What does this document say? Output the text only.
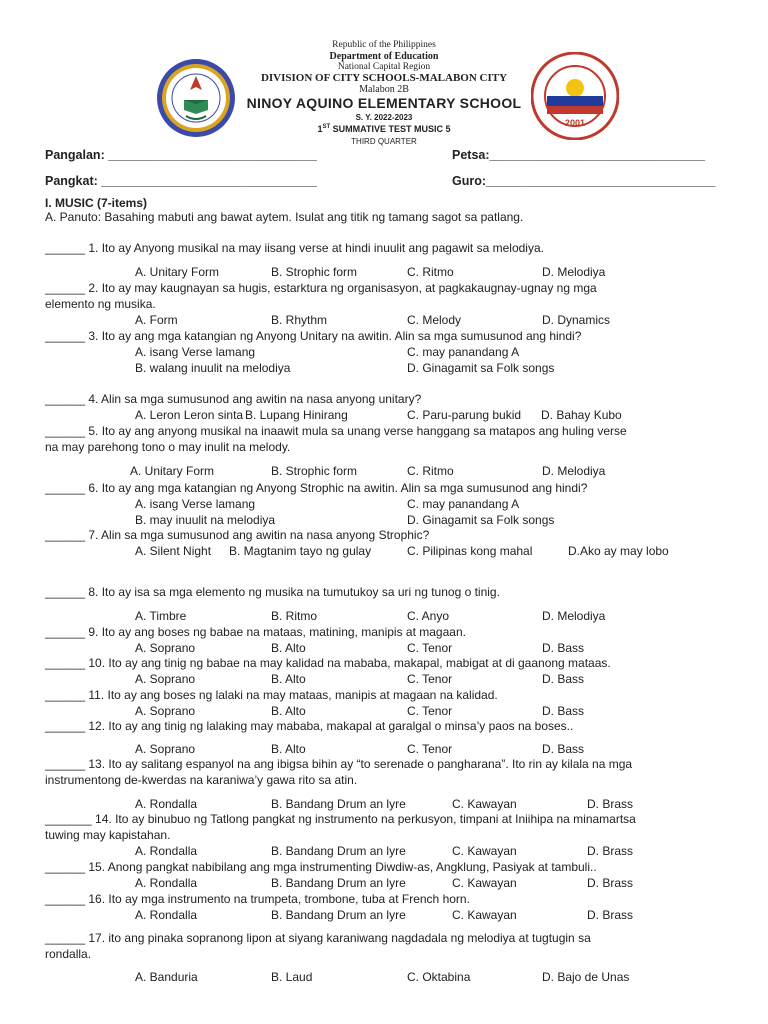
2001
Republic of the Philippines
Department of Education
National Capital Region
DIVISION OF CITY SCHOOLS-MALABON CITY
Malabon 2B
NINOY AQUINO ELEMENTARY SCHOOL
S. Y. 2022-2023
1ST SUMMATIVE TEST MUSIC 5
THIRD QUARTER
Pangalan: ______________________________	Petsa:_______________________________
Pangkat: _______________________________	Guro:_________________________________
I. MUSIC (7-items)
A. Panuto: Basahing mabuti ang bawat aytem. Isulat ang titik ng tamang sagot sa patlang.
______ 1. Ito ay Anyong musikal na may iisang verse at hindi inuulit ang pagawit sa melodiya.
A. Unitary Form	B. Strophic form	C. Ritmo	D. Melodiya
______ 2. Ito ay may kaugnayan sa hugis, estarktura ng organisasyon, at pagkakaugnay-ugnay ng mga
elemento ng musika.
A. Form	B. Rhythm	C. Melody	D. Dynamics
______ 3. Ito ay ang mga katangian ng Anyong Unitary na awitin. Alin sa mga sumusunod ang hindi?
A. isang Verse lamang	C. may panandang A
B. walang inuulit na melodiya	D. Ginagamit sa Folk songs
______ 4. Alin sa mga sumusunod ang awitin na nasa anyong unitary?
A. Leron Leron sinta B. Lupang Hinirang	C. Paru-parung bukid D. Bahay Kubo
______ 5. Ito ay ang anyong musikal na inaawit mula sa unang verse hanggang sa matapos ang huling verse
na may parehong tono o may inulit na melody.
A. Unitary Form	B. Strophic form	C. Ritmo	D. Melodiya
______ 6. Ito ay ang mga katangian ng Anyong Strophic na awitin. Alin sa mga sumusunod ang hindi?
A. isang Verse lamang	C. may panandang A
B. may inuulit na melodiya	D. Ginagamit sa Folk songs
______ 7. Alin sa mga sumusunod ang awitin na nasa anyong Strophic?
A. Silent Night B. Magtanim tayo ng gulay	C. Pilipinas kong mahal	D.Ako ay may lobo
______ 8. Ito ay isa sa mga elemento ng musika na tumutukoy sa uri ng tunog o tinig.
A. Timbre	B. Ritmo	C. Anyo	D. Melodiya
______ 9. Ito ay ang boses ng babae na mataas, matining, manipis at magaan.
A. Soprano	B. Alto	C. Tenor	D. Bass
______ 10. Ito ay ang tinig ng babae na may kalidad na mababa, makapal, mabigat at di gaanong mataas.
A. Soprano	B. Alto	C. Tenor	D. Bass
______ 11. Ito ay ang boses ng lalaki na may mataas, manipis at magaan na kalidad.
A. Soprano	B. Alto	C. Tenor	D. Bass
______ 12. Ito ay ang tinig ng lalaking may mababa, makapal at garalgal o minsa’y paos na boses..
A. Soprano	B. Alto	C. Tenor	D. Bass
______ 13. Ito ay salitang espanyol na ang ibigsa bihin ay “to serenade o pangharana”. Ito rin ay kilala na mga
instrumentong de-kwerdas na karaniwa’y gawa rito sa atin.
A. Rondalla	B. Bandang Drum an lyre	C. Kawayan	D. Brass
_______ 14. Ito ay binubuo ng Tatlong pangkat ng instrumento na perkusyon, timpani at Iniihipa na minamartsa
tuwing may kapistahan.
A. Rondalla	B. Bandang Drum an lyre	C. Kawayan	D. Brass
______ 15. Anong pangkat nabibilang ang mga instrumenting Diwdiw-as, Angklung, Pasiyak at tambuli..
A. Rondalla	B. Bandang Drum an lyre	C. Kawayan	D. Brass
______ 16. Ito ay mga instrumento na trumpeta, trombone, tuba at French horn.
A. Rondalla	B. Bandang Drum an lyre	C. Kawayan	D. Brass
______ 17. ito ang pinaka sopranong lipon at siyang karaniwang nagdadala ng melodiya at tugtugin sa
rondalla.
A. Banduria	B. Laud	C. Oktabina	D. Bajo de Unas
